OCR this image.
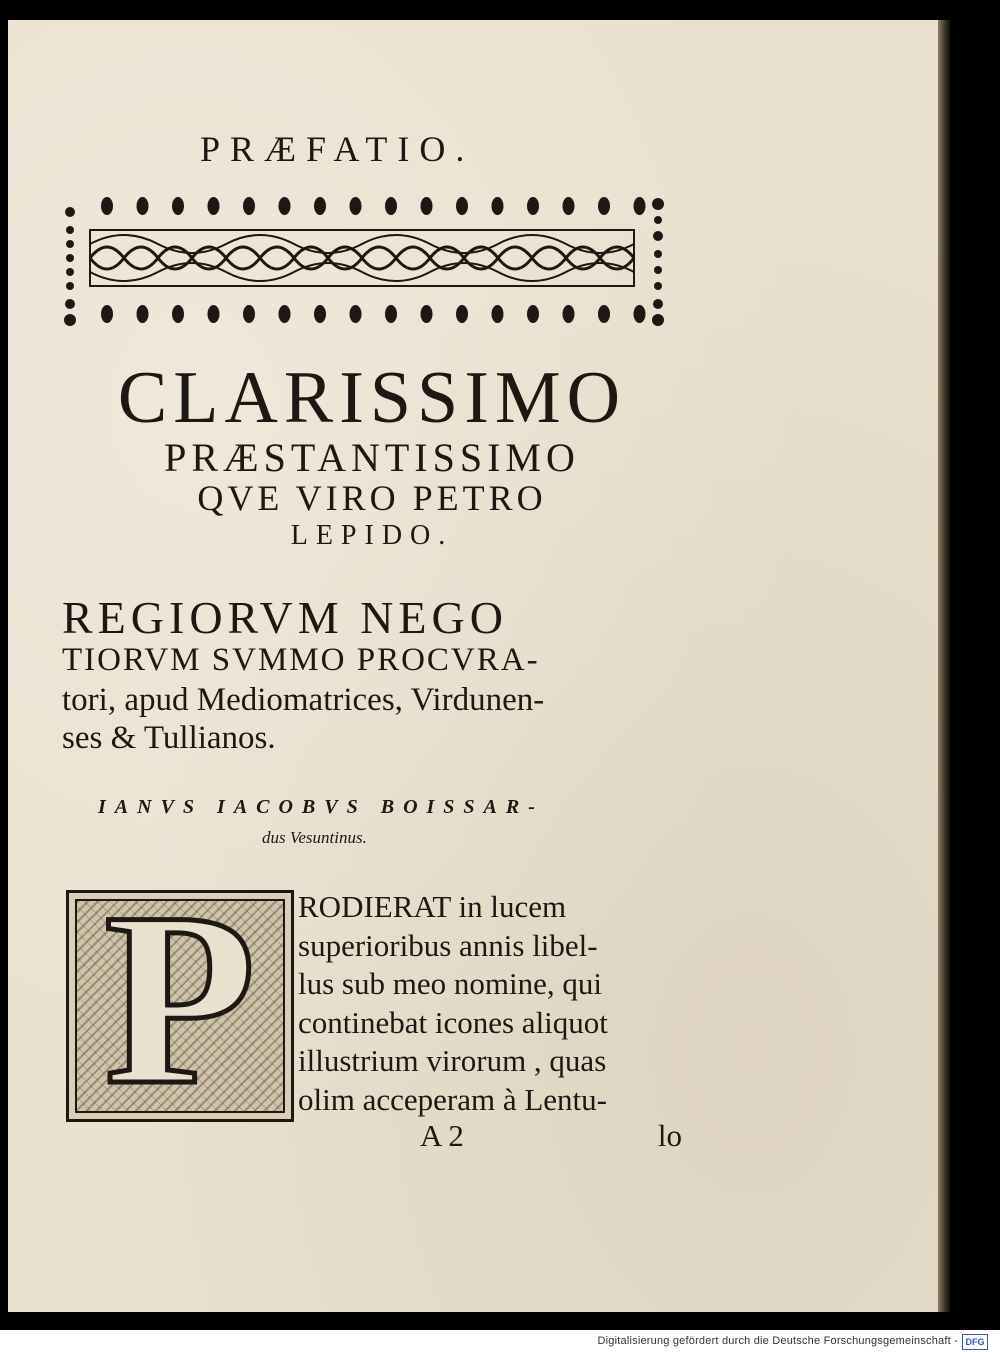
PRÆFATIO.
CLARISSIMO
PRÆSTANTISSIMO
QVE VIRO PETRO
LEPIDO.
REGIORVM NEGO
TIORVM SVMMO PROCVRA-
tori, apud Mediomatrices, Virdunen-
ses & Tullianos.
IANVS IACOBVS BOISSAR-
dus Vesuntinus.
P	RODIERAT in lucem
superioribus annis libel-
lus sub meo nomine, qui
continebat icones aliquot
illustrium virorum , quas
olim acceperam à Lentu-
A 2	lo
Digitalisierung gefördert durch die Deutsche Forschungsgemeinschaft - DFG
